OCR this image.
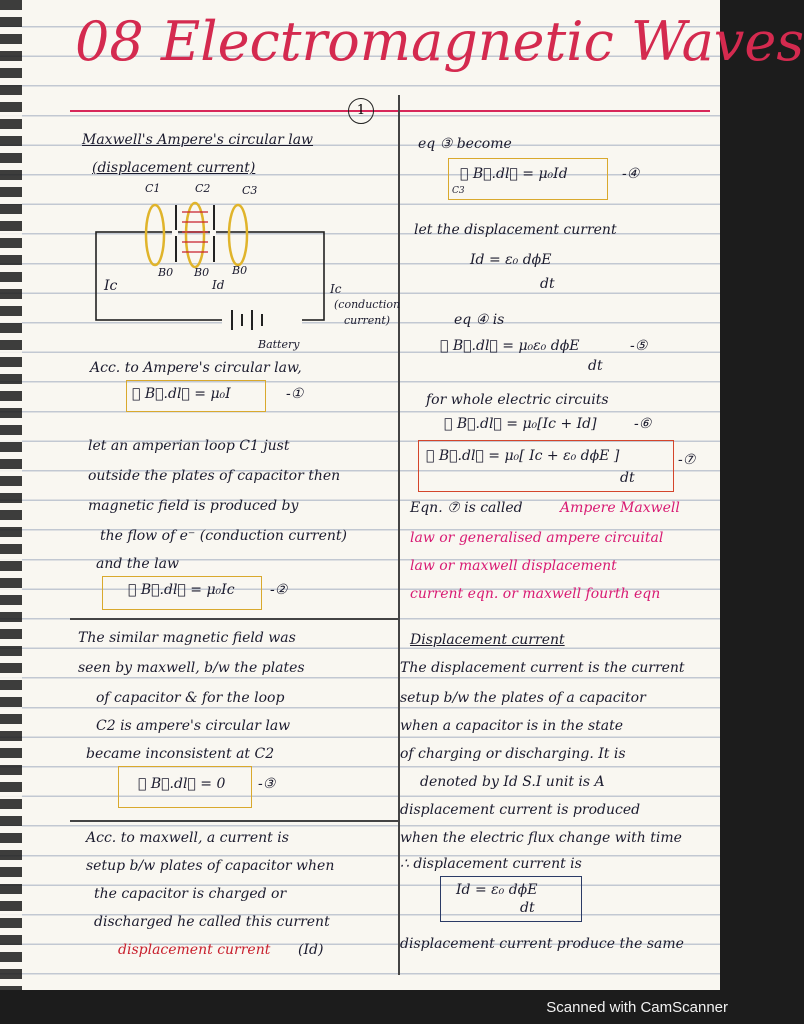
08 Electromagnetic Waves
1
Maxwell's Ampere's circular law
(displacement current)
C1	C2	C3
B0 B0 B0
Ic	Id	Ic
(conduction
current)
Battery
Acc. to Ampere's circular law,
∮ B⃗.dl⃗ = μ₀I	-①
let an amperian loop C1 just
outside the plates of capacitor then
magnetic field is produced by
the flow of e⁻ (conduction current)
and the law
∮ B⃗.dl⃗ = μ₀Ic	-②
The similar magnetic field was
seen by maxwell, b/w the plates
of capacitor & for the loop
C2 is ampere's circular law
became inconsistent at C2
∮ B⃗.dl⃗ = 0 -③
Acc. to maxwell, a current is
setup b/w plates of capacitor when
the capacitor is charged or
discharged he called this current
displacement current (Id)
eq ③ become
∮ B⃗.dl⃗ = μ₀Id
C3
-④
let the displacement current
Id = ε₀ dϕE
dt
eq ④ is
∮ B⃗.dl⃗ = μ₀ε₀ dϕE
dt
-⑤
for whole electric circuits
∮ B⃗.dl⃗ = μ₀[Ic + Id]	-⑥
∮ B⃗.dl⃗ = μ₀[ Ic + ε₀ dϕE ]
dt
-⑦
Eqn. ⑦ is called	Ampere Maxwell
law or generalised ampere circuital
law or maxwell displacement
current eqn. or maxwell fourth eqn
Displacement current
The displacement current is the current
setup b/w the plates of a capacitor
when a capacitor is in the state
of charging or discharging. It is
denoted by Id S.I unit is A
displacement current is produced
when the electric flux change with time
∴ displacement current is
Id = ε₀ dϕE
dt
displacement current produce the same
Scanned with CamScanner
